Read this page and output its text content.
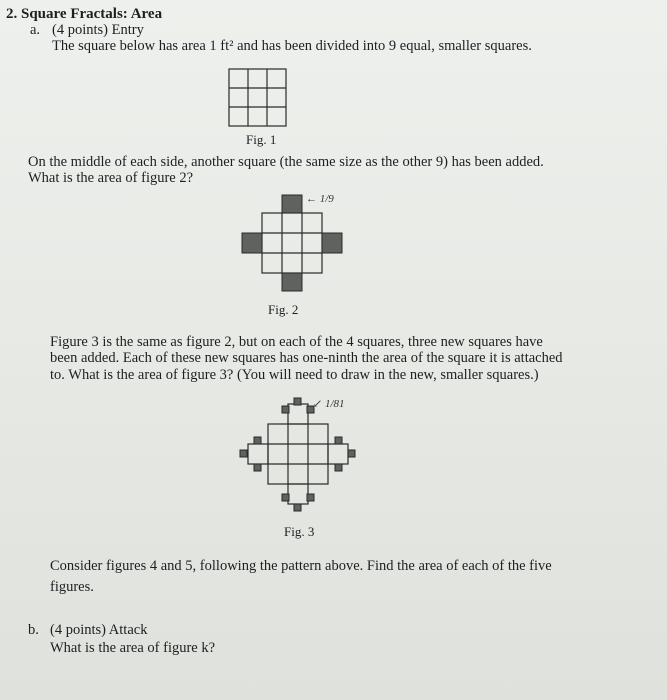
2. Square Fractals: Area
a. (4 points) Entry
The square below has area 1 ft² and has been divided into 9 equal, smaller squares.
Fig. 1
On the middle of each side, another square (the same size as the other 9) has been added.
What is the area of figure 2?
← 1/9
Fig. 2
Figure 3 is the same as figure 2, but on each of the 4 squares, three new squares have
been added. Each of these new squares has one-ninth the area of the square it is attached
to. What is the area of figure 3? (You will need to draw in the new, smaller squares.)
↙ 1/81
Fig. 3
Consider figures 4 and 5, following the pattern above. Find the area of each of the five
figures.
b. (4 points) Attack
What is the area of figure k?
